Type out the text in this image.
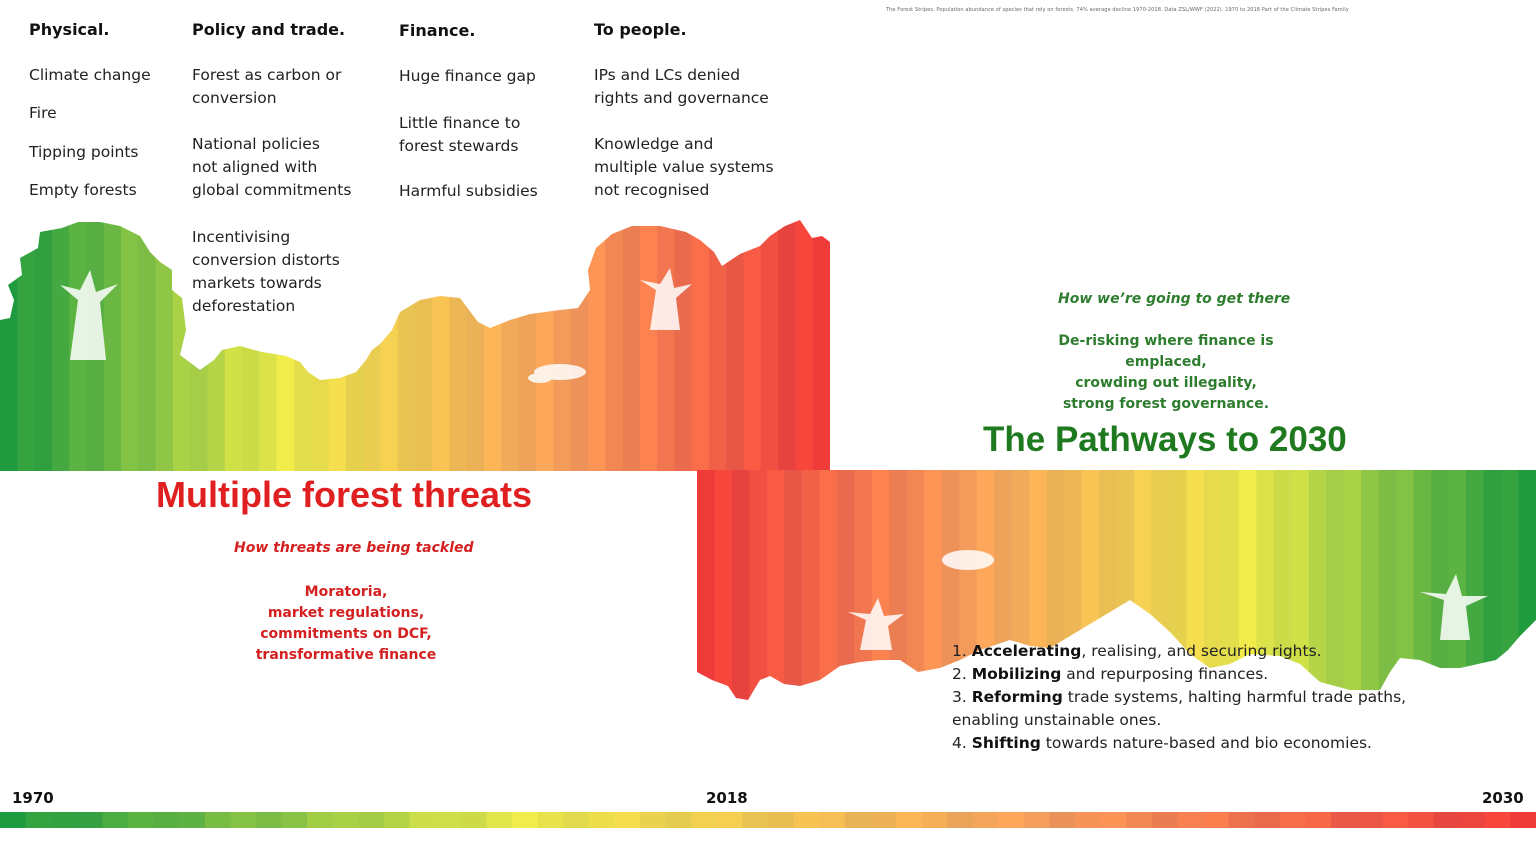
The Forest Stripes. Population abundance of species that rely on forests. 74% average decline 1970-2018. Data ZSL/WWF (2022). 1970 to 2018 Part of the Climate Stripes Family
Physical.
Climate change
Fire
Tipping points
Empty forests
Policy and trade.
Forest as carbon or
conversion
National policies
not aligned with
global commitments
Incentivising
conversion distorts
markets towards
deforestation
Finance.
Huge finance gap
Little finance to
forest stewards
Harmful subsidies
To people.
IPs and LCs denied
rights and governance
Knowledge and
multiple value systems
not recognised
Multiple forest threats
How threats are being tackled
Moratoria,
market regulations,
commitments on DCF,
transformative finance
How we’re going to get there
De-risking where finance is emplaced,
crowding out illegality,
strong forest governance.
The Pathways to 2030
1. Accelerating, realising, and securing rights.
2. Mobilizing and repurposing finances.
3. Reforming trade systems, halting harmful trade paths,
enabling unstainable ones.
4. Shifting towards nature-based and bio economies.
1970	2018	2030
